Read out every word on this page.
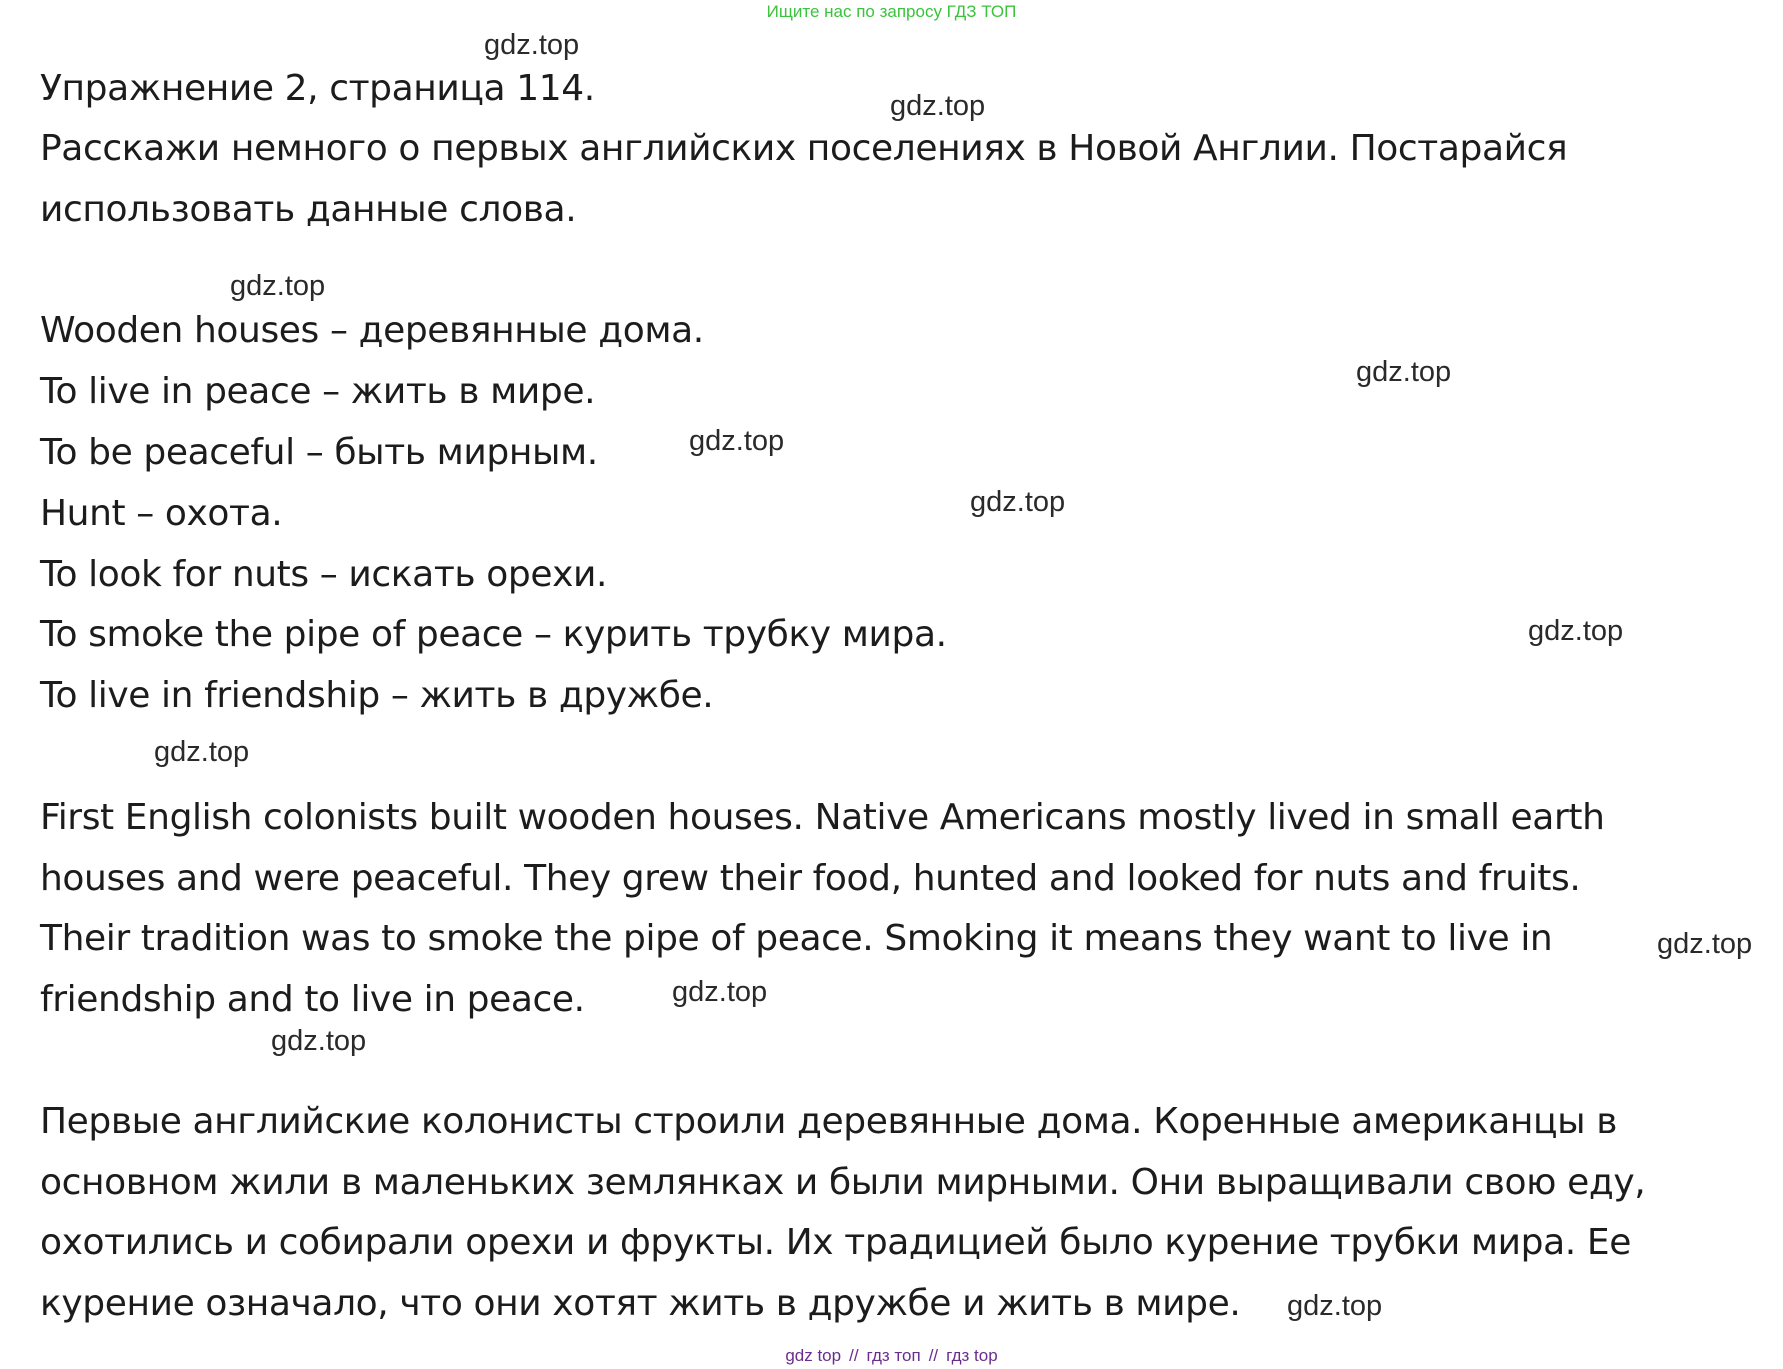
Ищите нас по запросу ГДЗ ТОП
Упражнение 2, страница 114.
Расскажи немного о первых английских поселениях в Новой Англии. Постарайся
использовать данные слова.
Wooden houses – деревянные дома.
To live in peace – жить в мире.
To be peaceful – быть мирным.
Hunt – охота.
To look for nuts – искать орехи.
To smoke the pipe of peace – курить трубку мира.
To live in friendship – жить в дружбе.
First English colonists built wooden houses. Native Americans mostly lived in small earth
houses and were peaceful. They grew their food, hunted and looked for nuts and fruits.
Their tradition was to smoke the pipe of peace. Smoking it means they want to live in
friendship and to live in peace.
Первые английские колонисты строили деревянные дома. Коренные американцы в
основном жили в маленьких землянках и были мирными. Они выращивали свою еду,
охотились и собирали орехи и фрукты. Их традицией было курение трубки мира. Ее
курение означало, что они хотят жить в дружбе и жить в мире.
gdz.top
gdz.top
gdz.top
gdz.top
gdz.top
gdz.top
gdz.top
gdz.top
gdz.top
gdz.top
gdz.top
gdz.top
gdz top // гдз топ // гдз top
